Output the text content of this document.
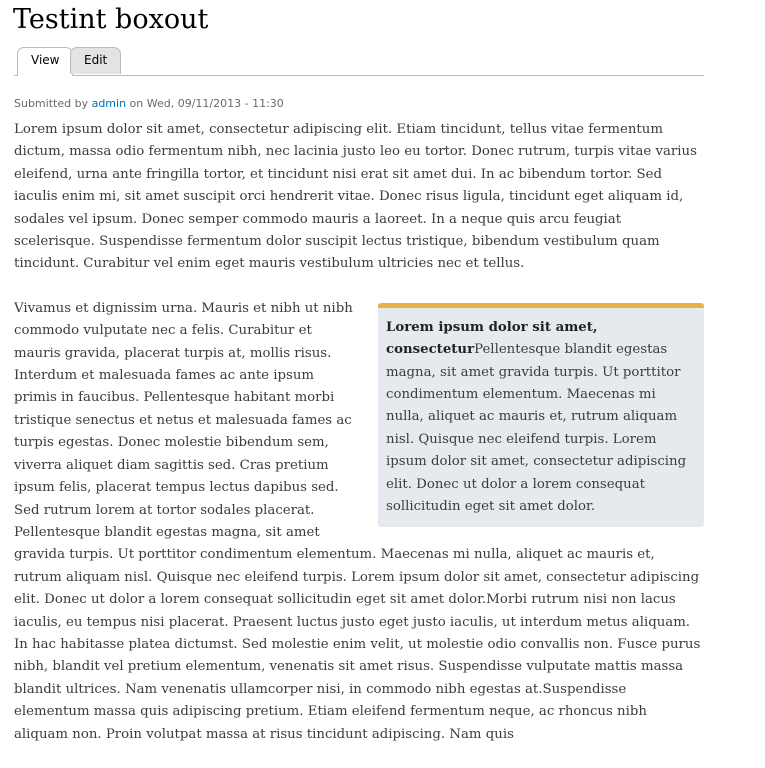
Testint boxout
View	Edit
Submitted by admin on Wed, 09/11/2013 - 11:30

Lorem ipsum dolor sit amet, consectetur adipiscing elit. Etiam tincidunt, tellus vitae fermentum dictum, massa odio fermentum nibh, nec lacinia justo leo eu tortor. Donec rutrum, turpis vitae varius eleifend, urna ante fringilla tortor, et tincidunt nisi erat sit amet dui. In ac bibendum tortor. Sed iaculis enim mi, sit amet suscipit orci hendrerit vitae. Donec risus ligula, tincidunt eget aliquam id, sodales vel ipsum. Donec semper commodo mauris a laoreet. In a neque quis arcu feugiat scelerisque. Suspendisse fermentum dolor suscipit lectus tristique, bibendum vestibulum quam tincidunt. Curabitur vel enim eget mauris vestibulum ultricies nec et tellus.

Lorem ipsum dolor sit amet, consecteturPellentesque blandit egestas magna, sit amet gravida turpis. Ut porttitor condimentum elementum. Maecenas mi nulla, aliquet ac mauris et, rutrum aliquam nisl. Quisque nec eleifend turpis. Lorem ipsum dolor sit amet, consectetur adipiscing elit. Donec ut dolor a lorem consequat sollicitudin eget sit amet dolor.

Vivamus et dignissim urna. Mauris et nibh ut nibh commodo vulputate nec a felis. Curabitur et mauris gravida, placerat turpis at, mollis risus. Interdum et malesuada fames ac ante ipsum primis in faucibus. Pellentesque habitant morbi tristique senectus et netus et malesuada fames ac turpis egestas. Donec molestie bibendum sem, viverra aliquet diam sagittis sed. Cras pretium ipsum felis, placerat tempus lectus dapibus sed. Sed rutrum lorem at tortor sodales placerat. Pellentesque blandit egestas magna, sit amet gravida turpis. Ut porttitor condimentum elementum. Maecenas mi nulla, aliquet ac mauris et, rutrum aliquam nisl. Quisque nec eleifend turpis. Lorem ipsum dolor sit amet, consectetur adipiscing elit. Donec ut dolor a lorem consequat sollicitudin eget sit amet dolor.Morbi rutrum nisi non lacus iaculis, eu tempus nisi placerat. Praesent luctus justo eget justo iaculis, ut interdum metus aliquam. In hac habitasse platea dictumst. Sed molestie enim velit, ut molestie odio convallis non. Fusce purus nibh, blandit vel pretium elementum, venenatis sit amet risus. Suspendisse vulputate mattis massa blandit ultrices. Nam venenatis ullamcorper nisi, in commodo nibh egestas at.Suspendisse elementum massa quis adipiscing pretium. Etiam eleifend fermentum neque, ac rhoncus nibh aliquam non. Proin volutpat massa at risus tincidunt adipiscing. Nam quis
